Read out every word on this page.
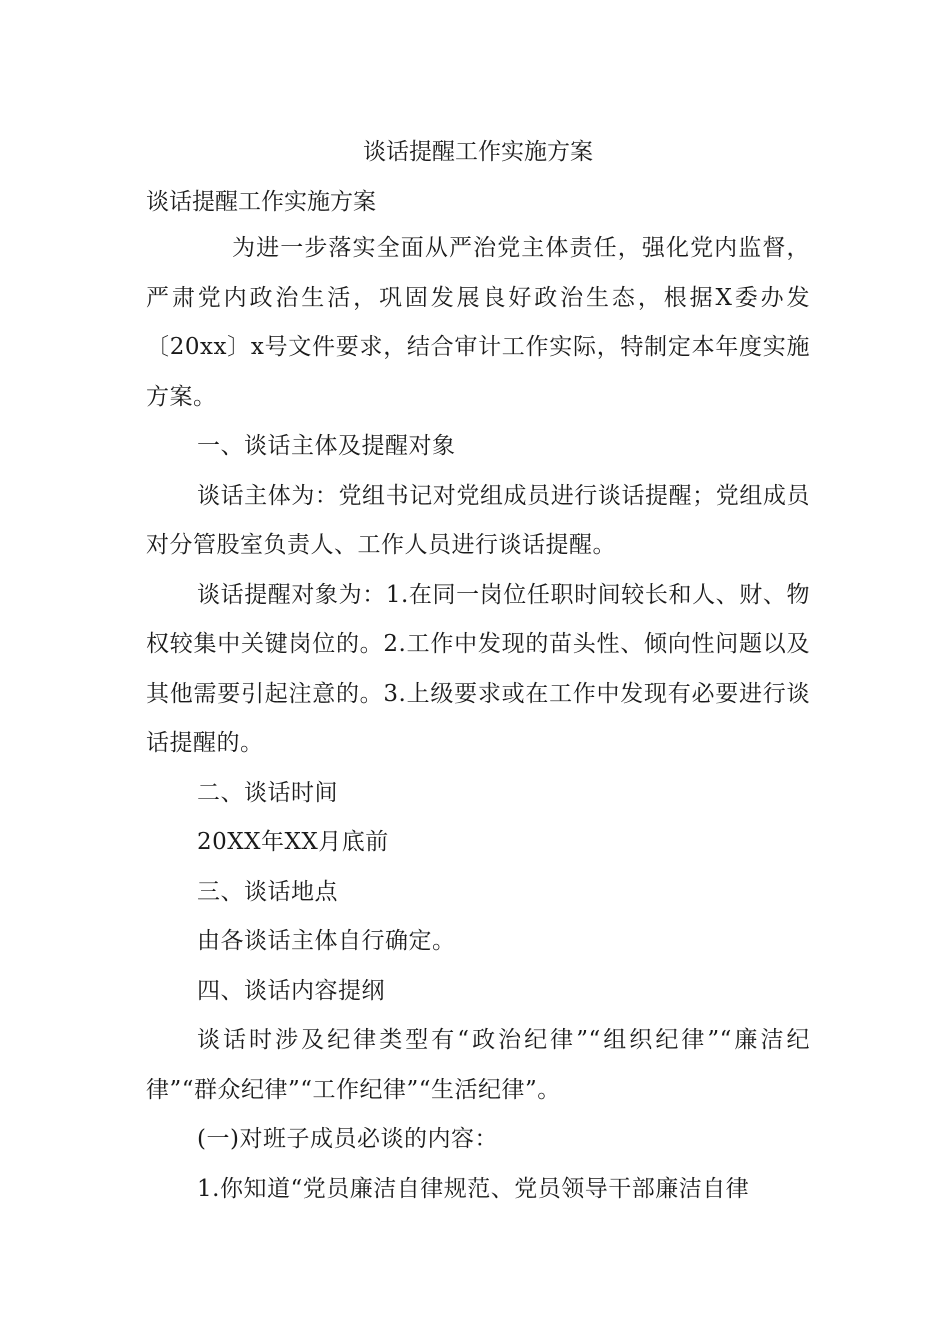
谈话提醒工作实施方案
谈话提醒工作实施方案

为进一步落实全面从严治党主体责任，强化党内监督，严肃党内政治生活，巩固发展良好政治生态，根据X委办发〔20xx〕x号文件要求，结合审计工作实际，特制定本年度实施方案。

一、谈话主体及提醒对象

谈话主体为：党组书记对党组成员进行谈话提醒；党组成员对分管股室负责人、工作人员进行谈话提醒。

谈话提醒对象为：1.在同一岗位任职时间较长和人、财、物权较集中关键岗位的。2.工作中发现的苗头性、倾向性问题以及其他需要引起注意的。3.上级要求或在工作中发现有必要进行谈话提醒的。

二、谈话时间

20XX年XX月底前

三、谈话地点

由各谈话主体自行确定。

四、谈话内容提纲

谈话时涉及纪律类型有“政治纪律”“组织纪律”“廉洁纪律”“群众纪律”“工作纪律”“生活纪律”。

(一)对班子成员必谈的内容：

1.你知道“党员廉洁自律规范、党员领导干部廉洁自律
